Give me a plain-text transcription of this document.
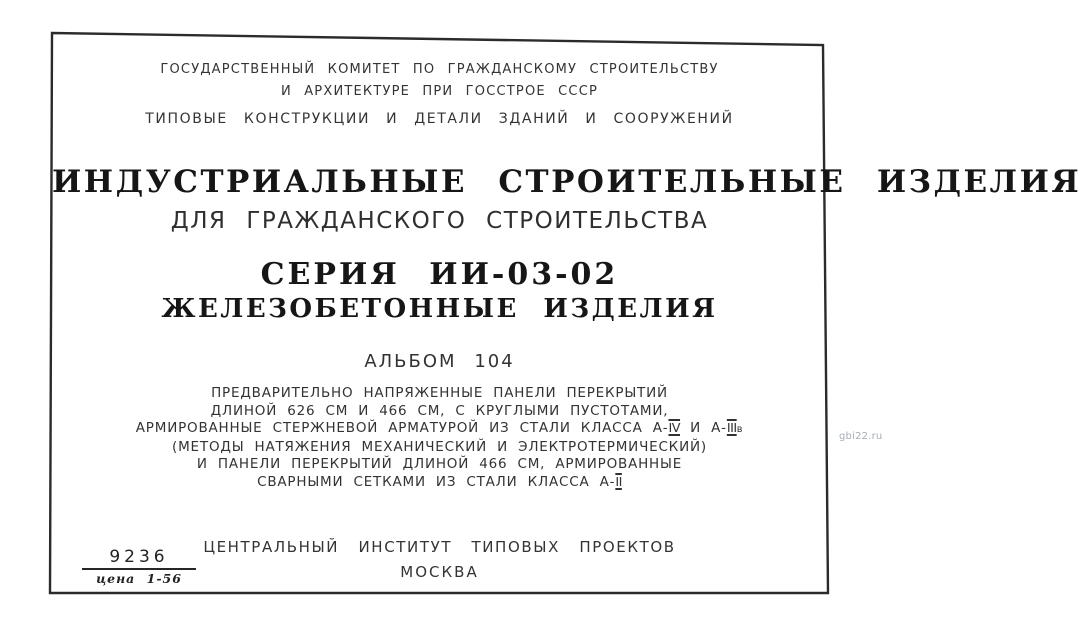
ГОСУДАРСТВЕННЫЙ КОМИТЕТ ПО ГРАЖДАНСКОМУ СТРОИТЕЛЬСТВУ
И АРХИТЕКТУРЕ ПРИ ГОССТРОЕ СССР
ТИПОВЫЕ КОНСТРУКЦИИ И ДЕТАЛИ ЗДАНИЙ И СООРУЖЕНИЙ
ИНДУСТРИАЛЬНЫЕ СТРОИТЕЛЬНЫЕ ИЗДЕЛИЯ
ДЛЯ ГРАЖДАНСКОГО СТРОИТЕЛЬСТВА
СЕРИЯ ИИ-03-02
ЖЕЛЕЗОБЕТОННЫЕ ИЗДЕЛИЯ
АЛЬБОМ 104
ПРЕДВАРИТЕЛЬНО НАПРЯЖЕННЫЕ ПАНЕЛИ ПЕРЕКРЫТИЙ
ДЛИНОЙ 626 СМ И 466 СМ, С КРУГЛЫМИ ПУСТОТАМИ,
АРМИРОВАННЫЕ СТЕРЖНЕВОЙ АРМАТУРОЙ ИЗ СТАЛИ КЛАССА А-IV И А-IIIв
(МЕТОДЫ НАТЯЖЕНИЯ МЕХАНИЧЕСКИЙ И ЭЛЕКТРОТЕРМИЧЕСКИЙ)
И ПАНЕЛИ ПЕРЕКРЫТИЙ ДЛИНОЙ 466 СМ, АРМИРОВАННЫЕ
СВАРНЫМИ СЕТКАМИ ИЗ СТАЛИ КЛАССА А-II
ЦЕНТРАЛЬНЫЙ ИНСТИТУТ ТИПОВЫХ ПРОЕКТОВ
МОСКВА
9236
цена 1-56
gbi22.ru
